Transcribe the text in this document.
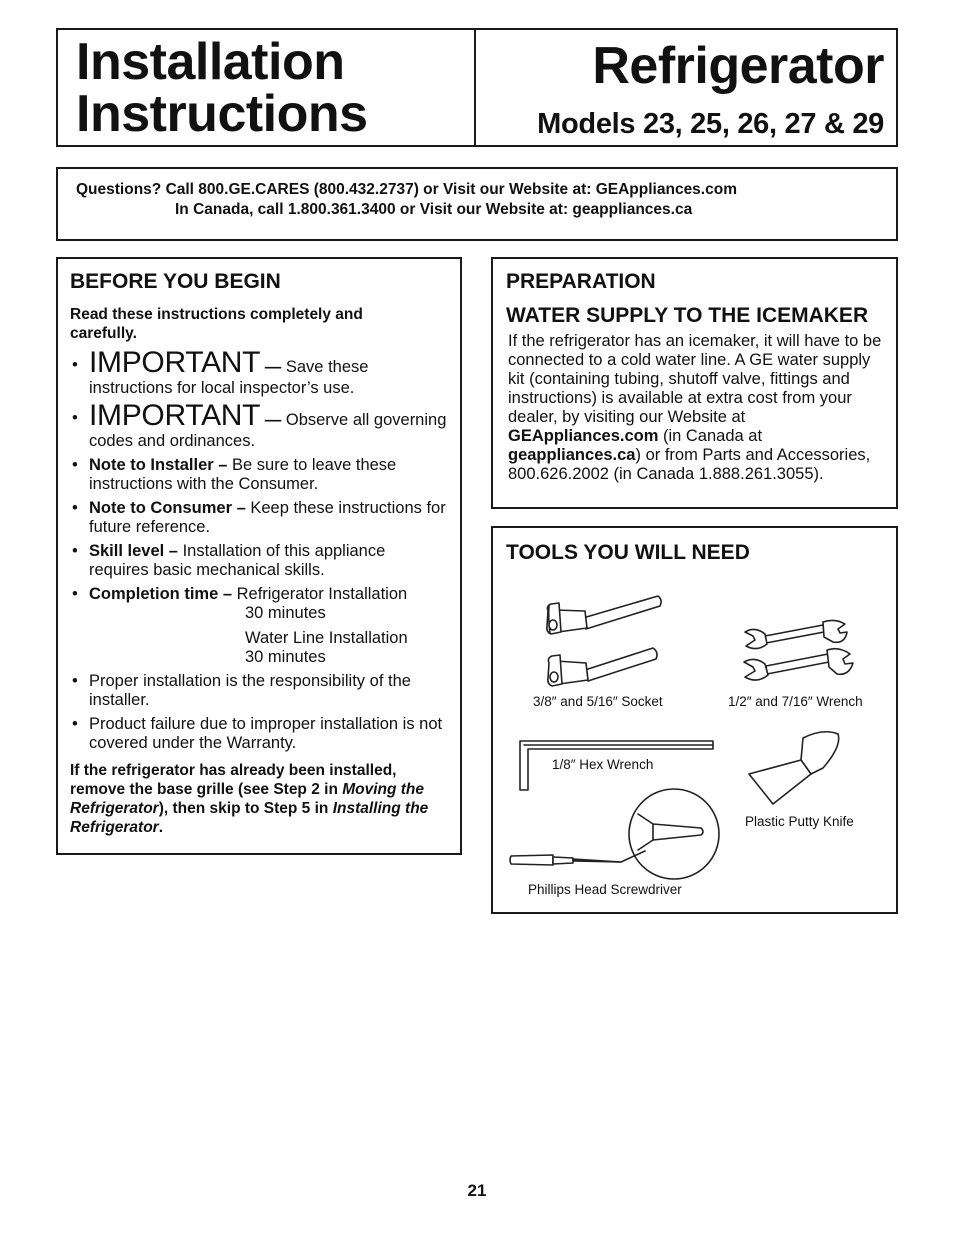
Installation Instructions
Refrigerator
Models 23, 25, 26, 27 & 29
Questions? Call 800.GE.CARES (800.432.2737) or Visit our Website at: GEAppliances.com
In Canada, call 1.800.361.3400 or Visit our Website at: geappliances.ca
BEFORE YOU BEGIN
Read these instructions completely and carefully.
• IMPORTANT — Save these instructions for local inspector’s use.
• IMPORTANT — Observe all governing codes and ordinances.
• Note to Installer – Be sure to leave these instructions with the Consumer.
• Note to Consumer – Keep these instructions for future reference.
• Skill level – Installation of this appliance requires basic mechanical skills.
• Completion time – Refrigerator Installation
30 minutes
Water Line Installation
30 minutes
• Proper installation is the responsibility of the installer.
• Product failure due to improper installation is not covered under the Warranty.
If the refrigerator has already been installed, remove the base grille (see Step 2 in Moving the Refrigerator), then skip to Step 5 in Installing the Refrigerator.
PREPARATION
WATER SUPPLY TO THE ICEMAKER
If the refrigerator has an icemaker, it will have to be connected to a cold water line. A GE water supply kit (containing tubing, shutoff valve, fittings and instructions) is available at extra cost from your dealer, by visiting our Website at GEAppliances.com (in Canada at geappliances.ca) or from Parts and Accessories, 800.626.2002 (in Canada 1.888.261.3055).
TOOLS YOU WILL NEED
3/8″ and 5/16″ Socket	1/2″ and 7/16″ Wrench
1/8″ Hex Wrench
Plastic Putty Knife
Phillips Head Screwdriver
21
